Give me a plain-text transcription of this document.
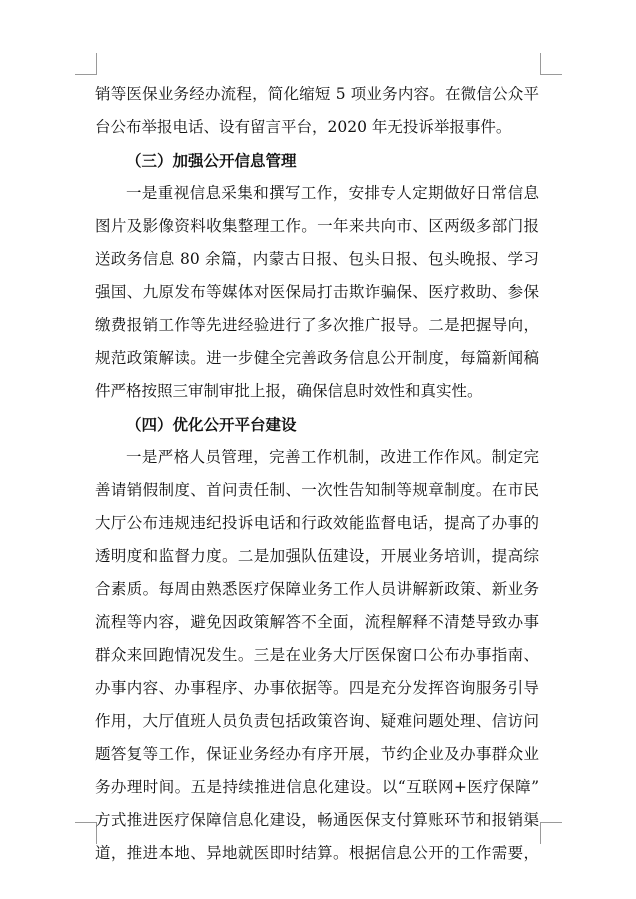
销等医保业务经办流程，简化缩短 5 项业务内容。在微信公众平
台公布举报电话、设有留言平台，2020 年无投诉举报事件。
（三）加强公开信息管理
一是重视信息采集和撰写工作，安排专人定期做好日常信息
图片及影像资料收集整理工作。一年来共向市、区两级多部门报
送政务信息 80 余篇，内蒙古日报、包头日报、包头晚报、学习
强国、九原发布等媒体对医保局打击欺诈骗保、医疗救助、参保
缴费报销工作等先进经验进行了多次推广报导。二是把握导向，
规范政策解读。进一步健全完善政务信息公开制度，每篇新闻稿
件严格按照三审制审批上报，确保信息时效性和真实性。
（四）优化公开平台建设
一是严格人员管理，完善工作机制，改进工作作风。制定完
善请销假制度、首问责任制、一次性告知制等规章制度。在市民
大厅公布违规违纪投诉电话和行政效能监督电话，提高了办事的
透明度和监督力度。二是加强队伍建设，开展业务培训，提高综
合素质。每周由熟悉医疗保障业务工作人员讲解新政策、新业务
流程等内容，避免因政策解答不全面，流程解释不清楚导致办事
群众来回跑情况发生。三是在业务大厅医保窗口公布办事指南、
办事内容、办事程序、办事依据等。四是充分发挥咨询服务引导
作用，大厅值班人员负责包括政策咨询、疑难问题处理、信访问
题答复等工作，保证业务经办有序开展，节约企业及办事群众业
务办理时间。五是持续推进信息化建设。以“互联网+医疗保障”
方式推进医疗保障信息化建设，畅通医保支付算账环节和报销渠
道，推进本地、异地就医即时结算。根据信息公开的工作需要，
